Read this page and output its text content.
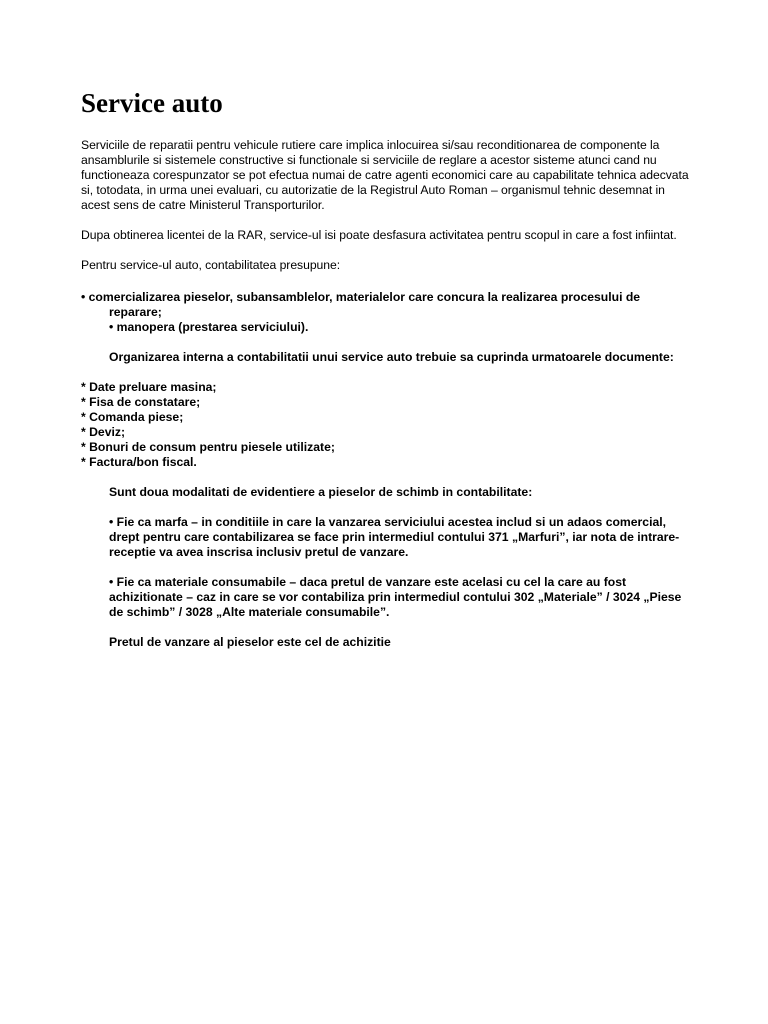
Service auto

Serviciile de reparatii pentru vehicule rutiere care implica inlocuirea si/sau reconditionarea de componente la ansamblurile si sistemele constructive si functionale si serviciile de reglare a acestor sisteme atunci cand nu functioneaza corespunzator se pot efectua numai de catre agenti economici care au capabilitate tehnica adecvata si, totodata, in urma unei evaluari, cu autorizatie de la Registrul Auto Roman – organismul tehnic desemnat in acest sens de catre Ministerul Transporturilor.

Dupa obtinerea licentei de la RAR, service-ul isi poate desfasura activitatea pentru scopul in care a fost infiintat.

Pentru service-ul auto, contabilitatea presupune:

• comercializarea pieselor, subansamblelor, materialelor care concura la realizarea procesului de reparare;
• manopera (prestarea serviciului).
Organizarea interna a contabilitatii unui service auto trebuie sa cuprinda urmatoarele documente:
* Date preluare masina;
* Fisa de constatare;
* Comanda piese;
* Deviz;
* Bonuri de consum pentru piesele utilizate;
* Factura/bon fiscal.
Sunt doua modalitati de evidentiere a pieselor de schimb in contabilitate:
• Fie ca marfa – in conditiile in care la vanzarea serviciului acestea includ si un adaos comercial, drept pentru care contabilizarea se face prin intermediul contului 371 „Marfuri”, iar nota de intrare-receptie va avea inscrisa inclusiv pretul de vanzare.
• Fie ca materiale consumabile – daca pretul de vanzare este acelasi cu cel la care au fost achizitionate – caz in care se vor contabiliza prin intermediul contului 302 „Materiale” / 3024 „Piese de schimb” / 3028 „Alte materiale consumabile”.
Pretul de vanzare al pieselor este cel de achizitie
